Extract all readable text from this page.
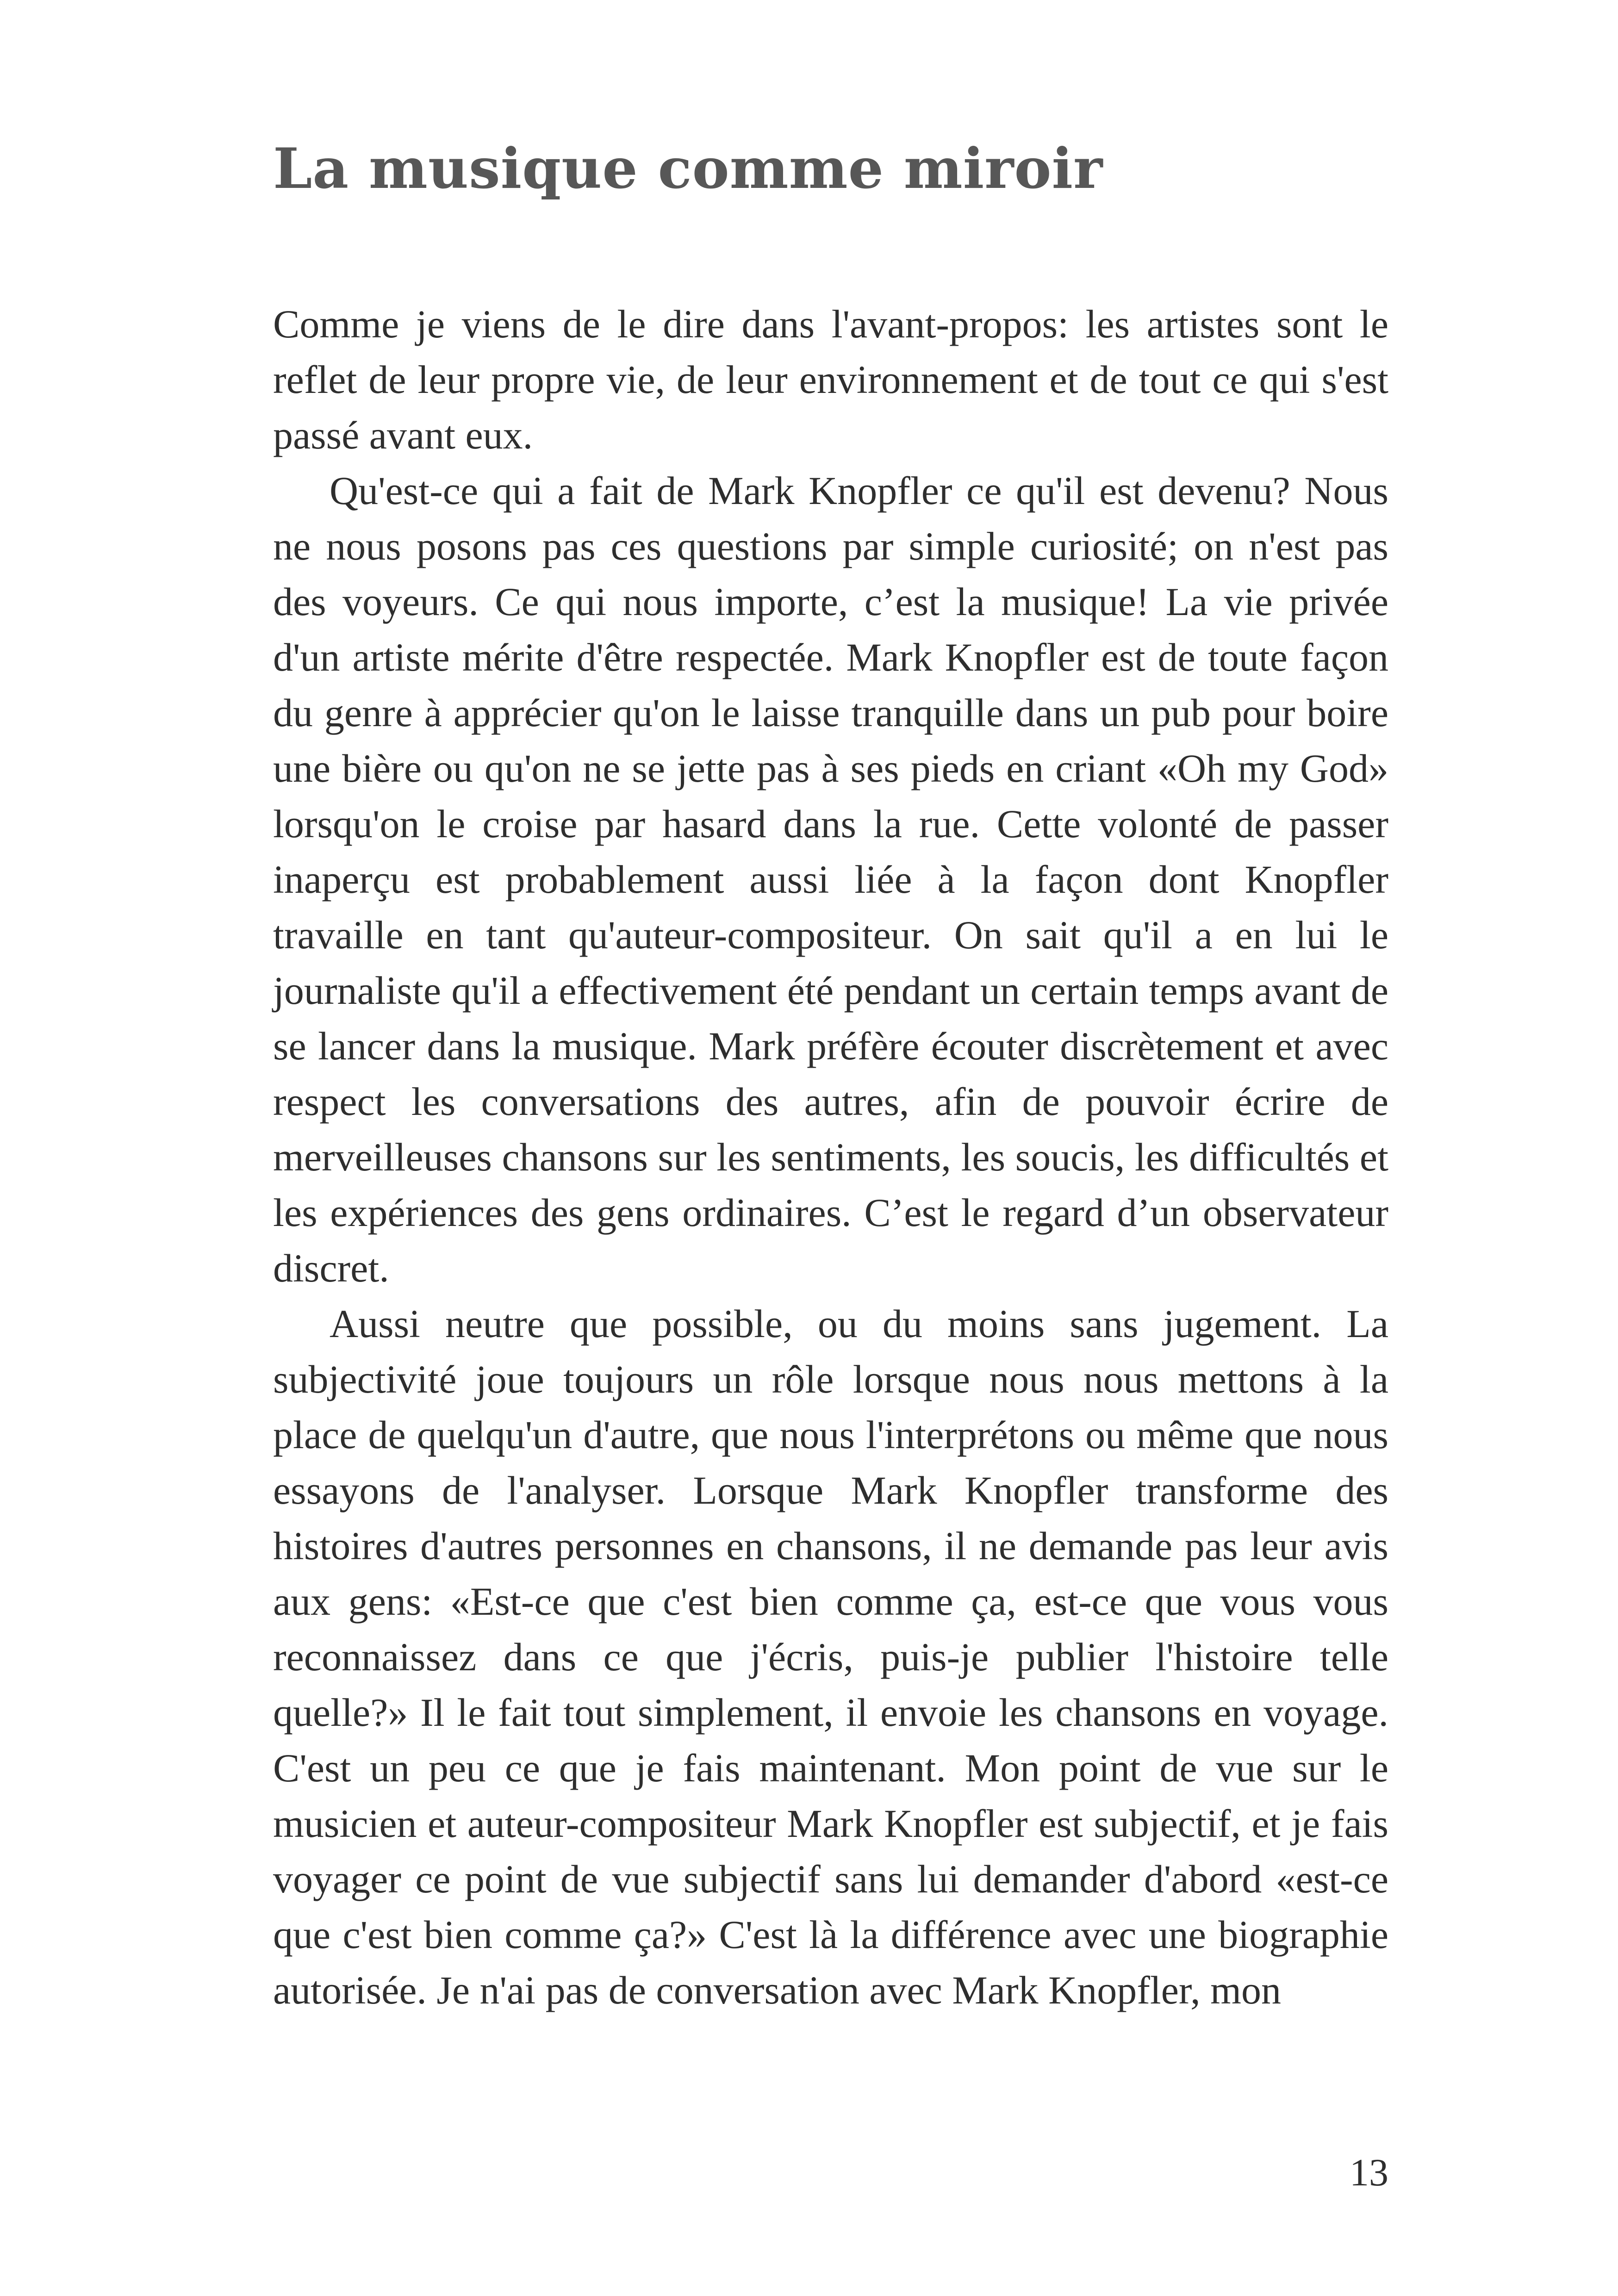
La musique comme miroir

Comme je viens de le dire dans l'avant-propos: les artistes sont le reflet de leur propre vie, de leur environnement et de tout ce qui s'est passé avant eux.

Qu'est-ce qui a fait de Mark Knopfler ce qu'il est devenu? Nous ne nous posons pas ces questions par simple curiosité; on n'est pas des voyeurs. Ce qui nous importe, c’est la musique! La vie privée d'un artiste mérite d'être respectée. Mark Knopfler est de toute façon du genre à apprécier qu'on le laisse tranquille dans un pub pour boire une bière ou qu'on ne se jette pas à ses pieds en criant «Oh my God» lorsqu'on le croise par hasard dans la rue. Cette volonté de passer inaperçu est probablement aussi liée à la façon dont Knopfler travaille en tant qu'auteur-compositeur. On sait qu'il a en lui le journaliste qu'il a effectivement été pendant un certain temps avant de se lancer dans la musique. Mark préfère écouter discrètement et avec respect les conversations des autres, afin de pouvoir écrire de merveilleuses chansons sur les sentiments, les soucis, les difficultés et les expériences des gens ordinaires. C’est le regard d’un observateur discret.

Aussi neutre que possible, ou du moins sans jugement. La subjectivité joue toujours un rôle lorsque nous nous mettons à la place de quelqu'un d'autre, que nous l'interprétons ou même que nous essayons de l'analyser. Lorsque Mark Knopfler transforme des histoires d'autres personnes en chansons, il ne demande pas leur avis aux gens: «Est-ce que c'est bien comme ça, est-ce que vous vous reconnaissez dans ce que j'écris, puis-je publier l'histoire telle quelle?» Il le fait tout simplement, il envoie les chansons en voyage. C'est un peu ce que je fais maintenant. Mon point de vue sur le musicien et auteur-compositeur Mark Knopfler est subjectif, et je fais voyager ce point de vue subjectif sans lui demander d'abord «est-ce que c'est bien comme ça?» C'est là la différence avec une biographie autorisée. Je n'ai pas de conversation avec Mark Knopfler, mon

13
